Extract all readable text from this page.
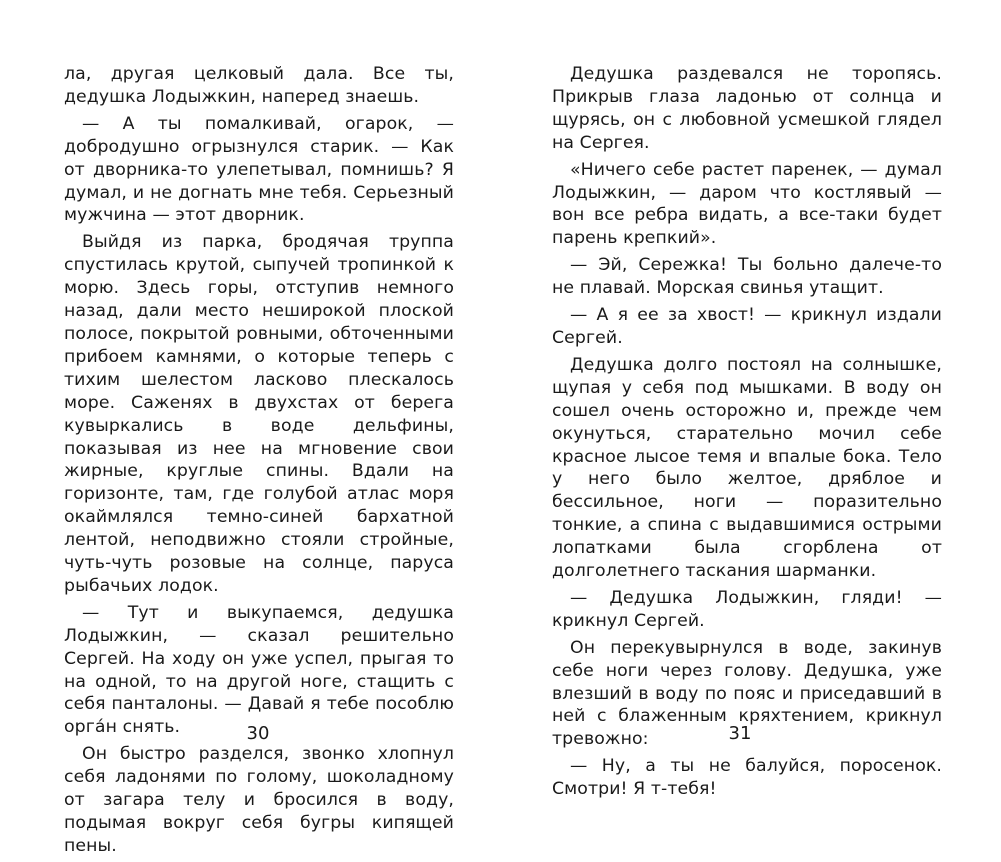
ла, другая целковый дала. Все ты, дедушка Лодыжкин, наперед знаешь.

— А ты помалкивай, огарок, — добродушно огрызнулся старик. — Как от дворника-то улепетывал, помнишь? Я думал, и не догнать мне тебя. Серьезный мужчина — этот дворник.

Выйдя из парка, бродячая труппа спустилась крутой, сыпучей тропинкой к морю. Здесь горы, отступив немного назад, дали место неширокой плоской полосе, покрытой ровными, обточенными прибоем камнями, о которые теперь с тихим шелестом ласково плескалось море. Саженях в двухстах от берега кувыркались в воде дельфины, показывая из нее на мгновение свои жирные, круглые спины. Вдали на горизонте, там, где голубой атлас моря окаймлялся темно-синей бархатной лентой, неподвижно стояли стройные, чуть-чуть розовые на солнце, паруса рыбачьих лодок.

— Тут и выкупаемся, дедушка Лодыжкин, — сказал решительно Сергей. На ходу он уже успел, прыгая то на одной, то на другой ноге, стащить с себя панталоны. — Давай я тебе пособлю орга́н снять.

Он быстро разделся, звонко хлопнул себя ладонями по голому, шоколадному от загара телу и бросился в воду, подымая вокруг себя бугры кипящей пены.

30

Дедушка раздевался не торопясь. Прикрыв глаза ладонью от солнца и щурясь, он с любовной усмешкой глядел на Сергея.

«Ничего себе растет паренек, — думал Лодыжкин, — даром что костлявый — вон все ребра видать, а все-таки будет парень крепкий».

— Эй, Сережка! Ты больно далече-то не плавай. Морская свинья утащит.

— А я ее за хвост! — крикнул издали Сергей.

Дедушка долго постоял на солнышке, щупая у себя под мышками. В воду он сошел очень осторожно и, прежде чем окунуться, старательно мочил себе красное лысое темя и впалые бока. Тело у него было желтое, дряблое и бессильное, ноги — поразительно тонкие, а спина с выдавшимися острыми лопатками была сгорблена от долголетнего таскания шарманки.

— Дедушка Лодыжкин, гляди! — крикнул Сергей.

Он перекувырнулся в воде, закинув себе ноги через голову. Дедушка, уже влезший в воду по пояс и приседавший в ней с блаженным кряхтением, крикнул тревожно:

— Ну, а ты не балуйся, поросенок. Смотри! Я т-тебя!

31
